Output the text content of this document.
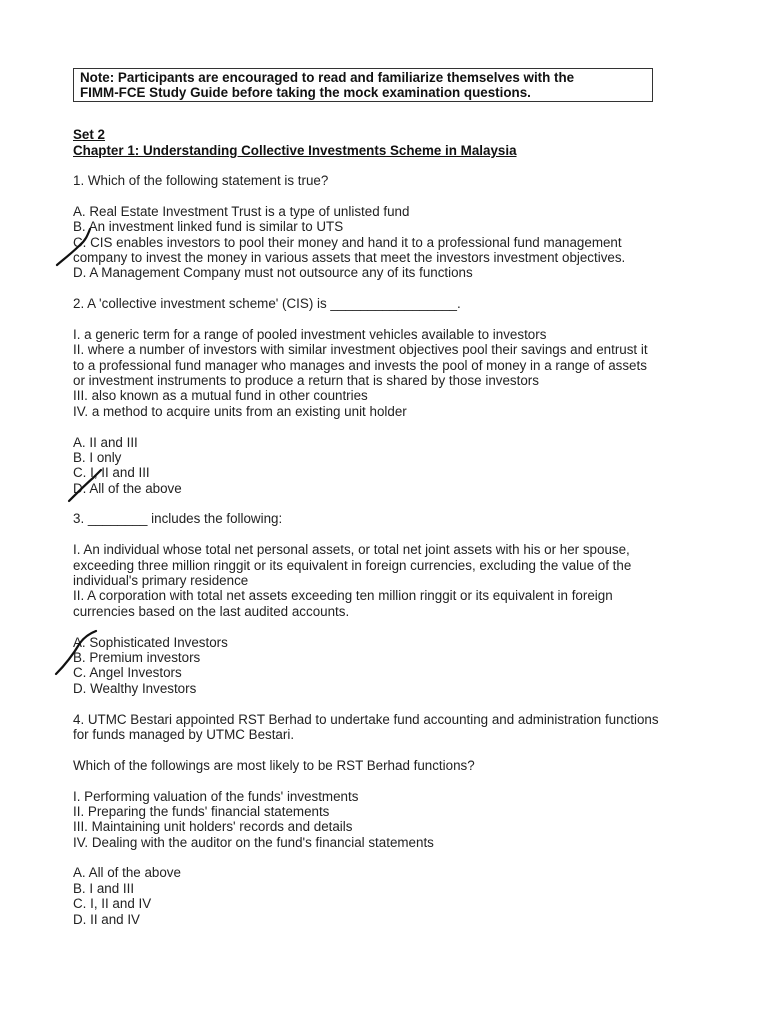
Note: Participants are encouraged to read and familiarize themselves with the
FIMM-FCE Study Guide before taking the mock examination questions.
Set 2
Chapter 1: Understanding Collective Investments Scheme in Malaysia
1. Which of the following statement is true?
A. Real Estate Investment Trust is a type of unlisted fund
B. An investment linked fund is similar to UTS
C. CIS enables investors to pool their money and hand it to a professional fund management
company to invest the money in various assets that meet the investors investment objectives.
D. A Management Company must not outsource any of its functions
2. A 'collective investment scheme' (CIS) is _________________.
I. a generic term for a range of pooled investment vehicles available to investors
II. where a number of investors with similar investment objectives pool their savings and entrust it
to a professional fund manager who manages and invests the pool of money in a range of assets
or investment instruments to produce a return that is shared by those investors
III. also known as a mutual fund in other countries
IV. a method to acquire units from an existing unit holder
A. II and III
B. I only
C. I, II and III
D. All of the above
3. ________ includes the following:
I. An individual whose total net personal assets, or total net joint assets with his or her spouse,
exceeding three million ringgit or its equivalent in foreign currencies, excluding the value of the
individual's primary residence
II. A corporation with total net assets exceeding ten million ringgit or its equivalent in foreign
currencies based on the last audited accounts.
A. Sophisticated Investors
B. Premium investors
C. Angel Investors
D. Wealthy Investors
4. UTMC Bestari appointed RST Berhad to undertake fund accounting and administration functions
for funds managed by UTMC Bestari.
Which of the followings are most likely to be RST Berhad functions?
I. Performing valuation of the funds' investments
II. Preparing the funds' financial statements
III. Maintaining unit holders' records and details
IV. Dealing with the auditor on the fund's financial statements
A. All of the above
B. I and III
C. I, II and IV
D. II and IV
